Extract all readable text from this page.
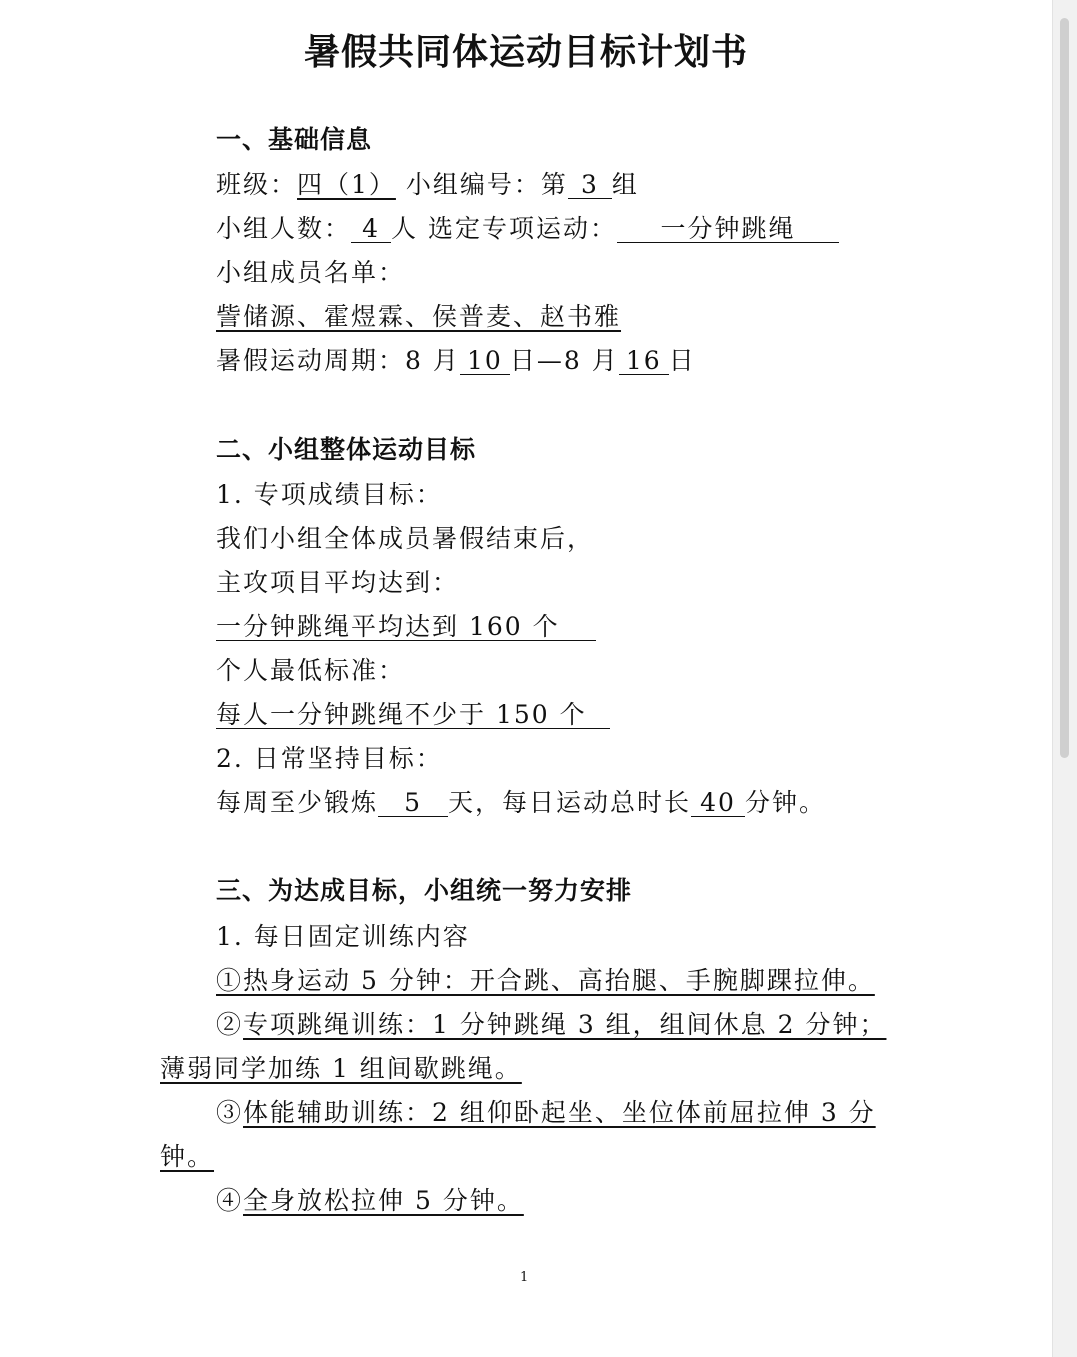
暑假共同体运动目标计划书
一、基础信息
班级：四（1） 小组编号：第 3 组
小组人数： 4 人 选定专项运动： 一分钟跳绳
小组成员名单：
訾储源、霍煜霖、侯普麦、赵书雅
暑假运动周期：8 月 10 日—8 月 16 日
二、小组整体运动目标
1. 专项成绩目标：
我们小组全体成员暑假结束后，
主攻项目平均达到：
一分钟跳绳平均达到 160 个
个人最低标准：
每人一分钟跳绳不少于 150 个
2. 日常坚持目标：
每周至少锻炼 5 天，每日运动总时长 40 分钟。
三、为达成目标，小组统一努力安排
1. 每日固定训练内容
①热身运动 5 分钟：开合跳、高抬腿、手腕脚踝拉伸。
②专项跳绳训练：1 分钟跳绳 3 组，组间休息 2 分钟；
薄弱同学加练 1 组间歇跳绳。
③体能辅助训练：2 组仰卧起坐、坐位体前屈拉伸 3 分
钟。
④全身放松拉伸 5 分钟。
1
